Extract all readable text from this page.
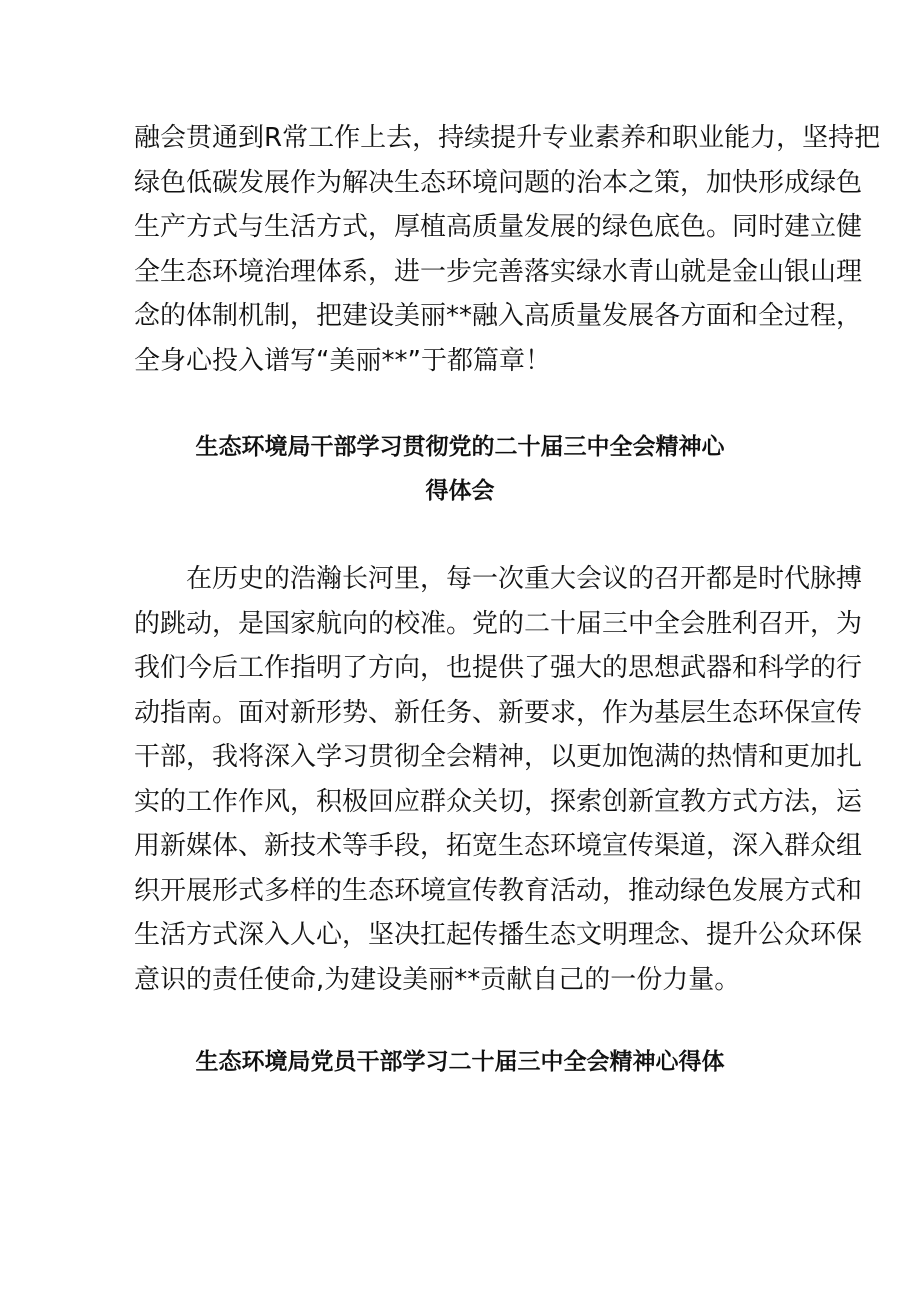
融会贯通到R常工作上去，持续提升专业素养和职业能力，坚持把
绿色低碳发展作为解决生态环境问题的治本之策，加快形成绿色
生产方式与生活方式，厚植高质量发展的绿色底色。同时建立健
全生态环境治理体系，进一步完善落实绿水青山就是金山银山理
念的体制机制，把建设美丽**融入高质量发展各方面和全过程，
全身心投入谱写“美丽**”于都篇章！
生态环境局干部学习贯彻党的二十届三中全会精神心
得体会
在历史的浩瀚长河里，每一次重大会议的召开都是时代脉搏
的跳动，是国家航向的校准。党的二十届三中全会胜利召开，为
我们今后工作指明了方向，也提供了强大的思想武器和科学的行
动指南。面对新形势、新任务、新要求，作为基层生态环保宣传
干部，我将深入学习贯彻全会精神，以更加饱满的热情和更加扎
实的工作作风，积极回应群众关切，探索创新宣教方式方法，运
用新媒体、新技术等手段，拓宽生态环境宣传渠道，深入群众组
织开展形式多样的生态环境宣传教育活动，推动绿色发展方式和
生活方式深入人心，坚决扛起传播生态文明理念、提升公众环保
意识的责任使命,为建设美丽**贡献自己的一份力量。
生态环境局党员干部学习二十届三中全会精神心得体
